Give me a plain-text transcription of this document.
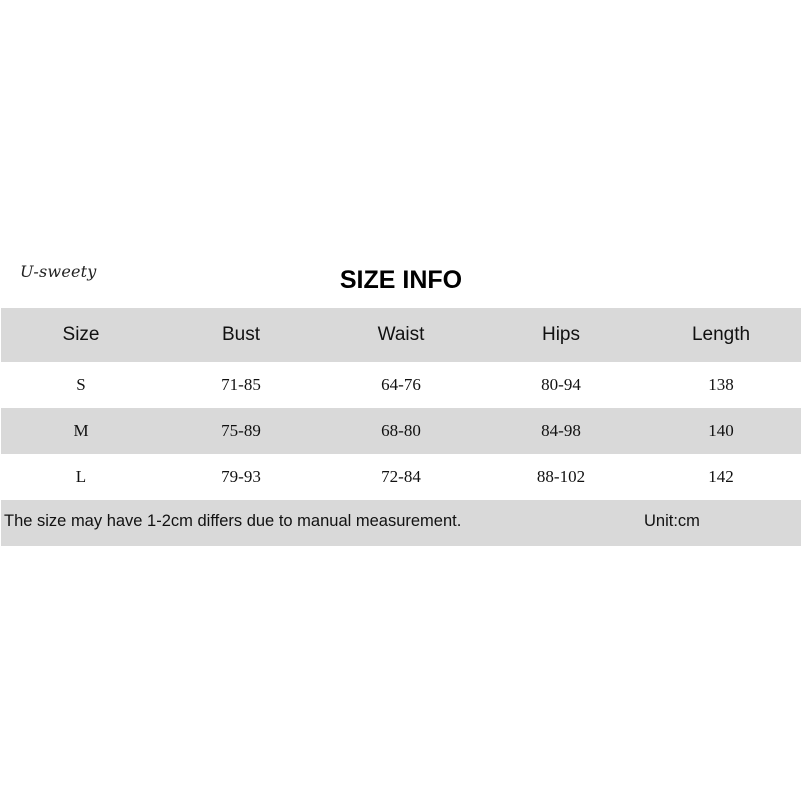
U-sweety	SIZE INFO
Size	Bust	Waist	Hips	Length
S	71-85	64-76	80-94	138
M	75-89	68-80	84-98	140
L	79-93	72-84	88-102	142
The size may have 1-2cm differs due to manual measurement.	Unit:cm
